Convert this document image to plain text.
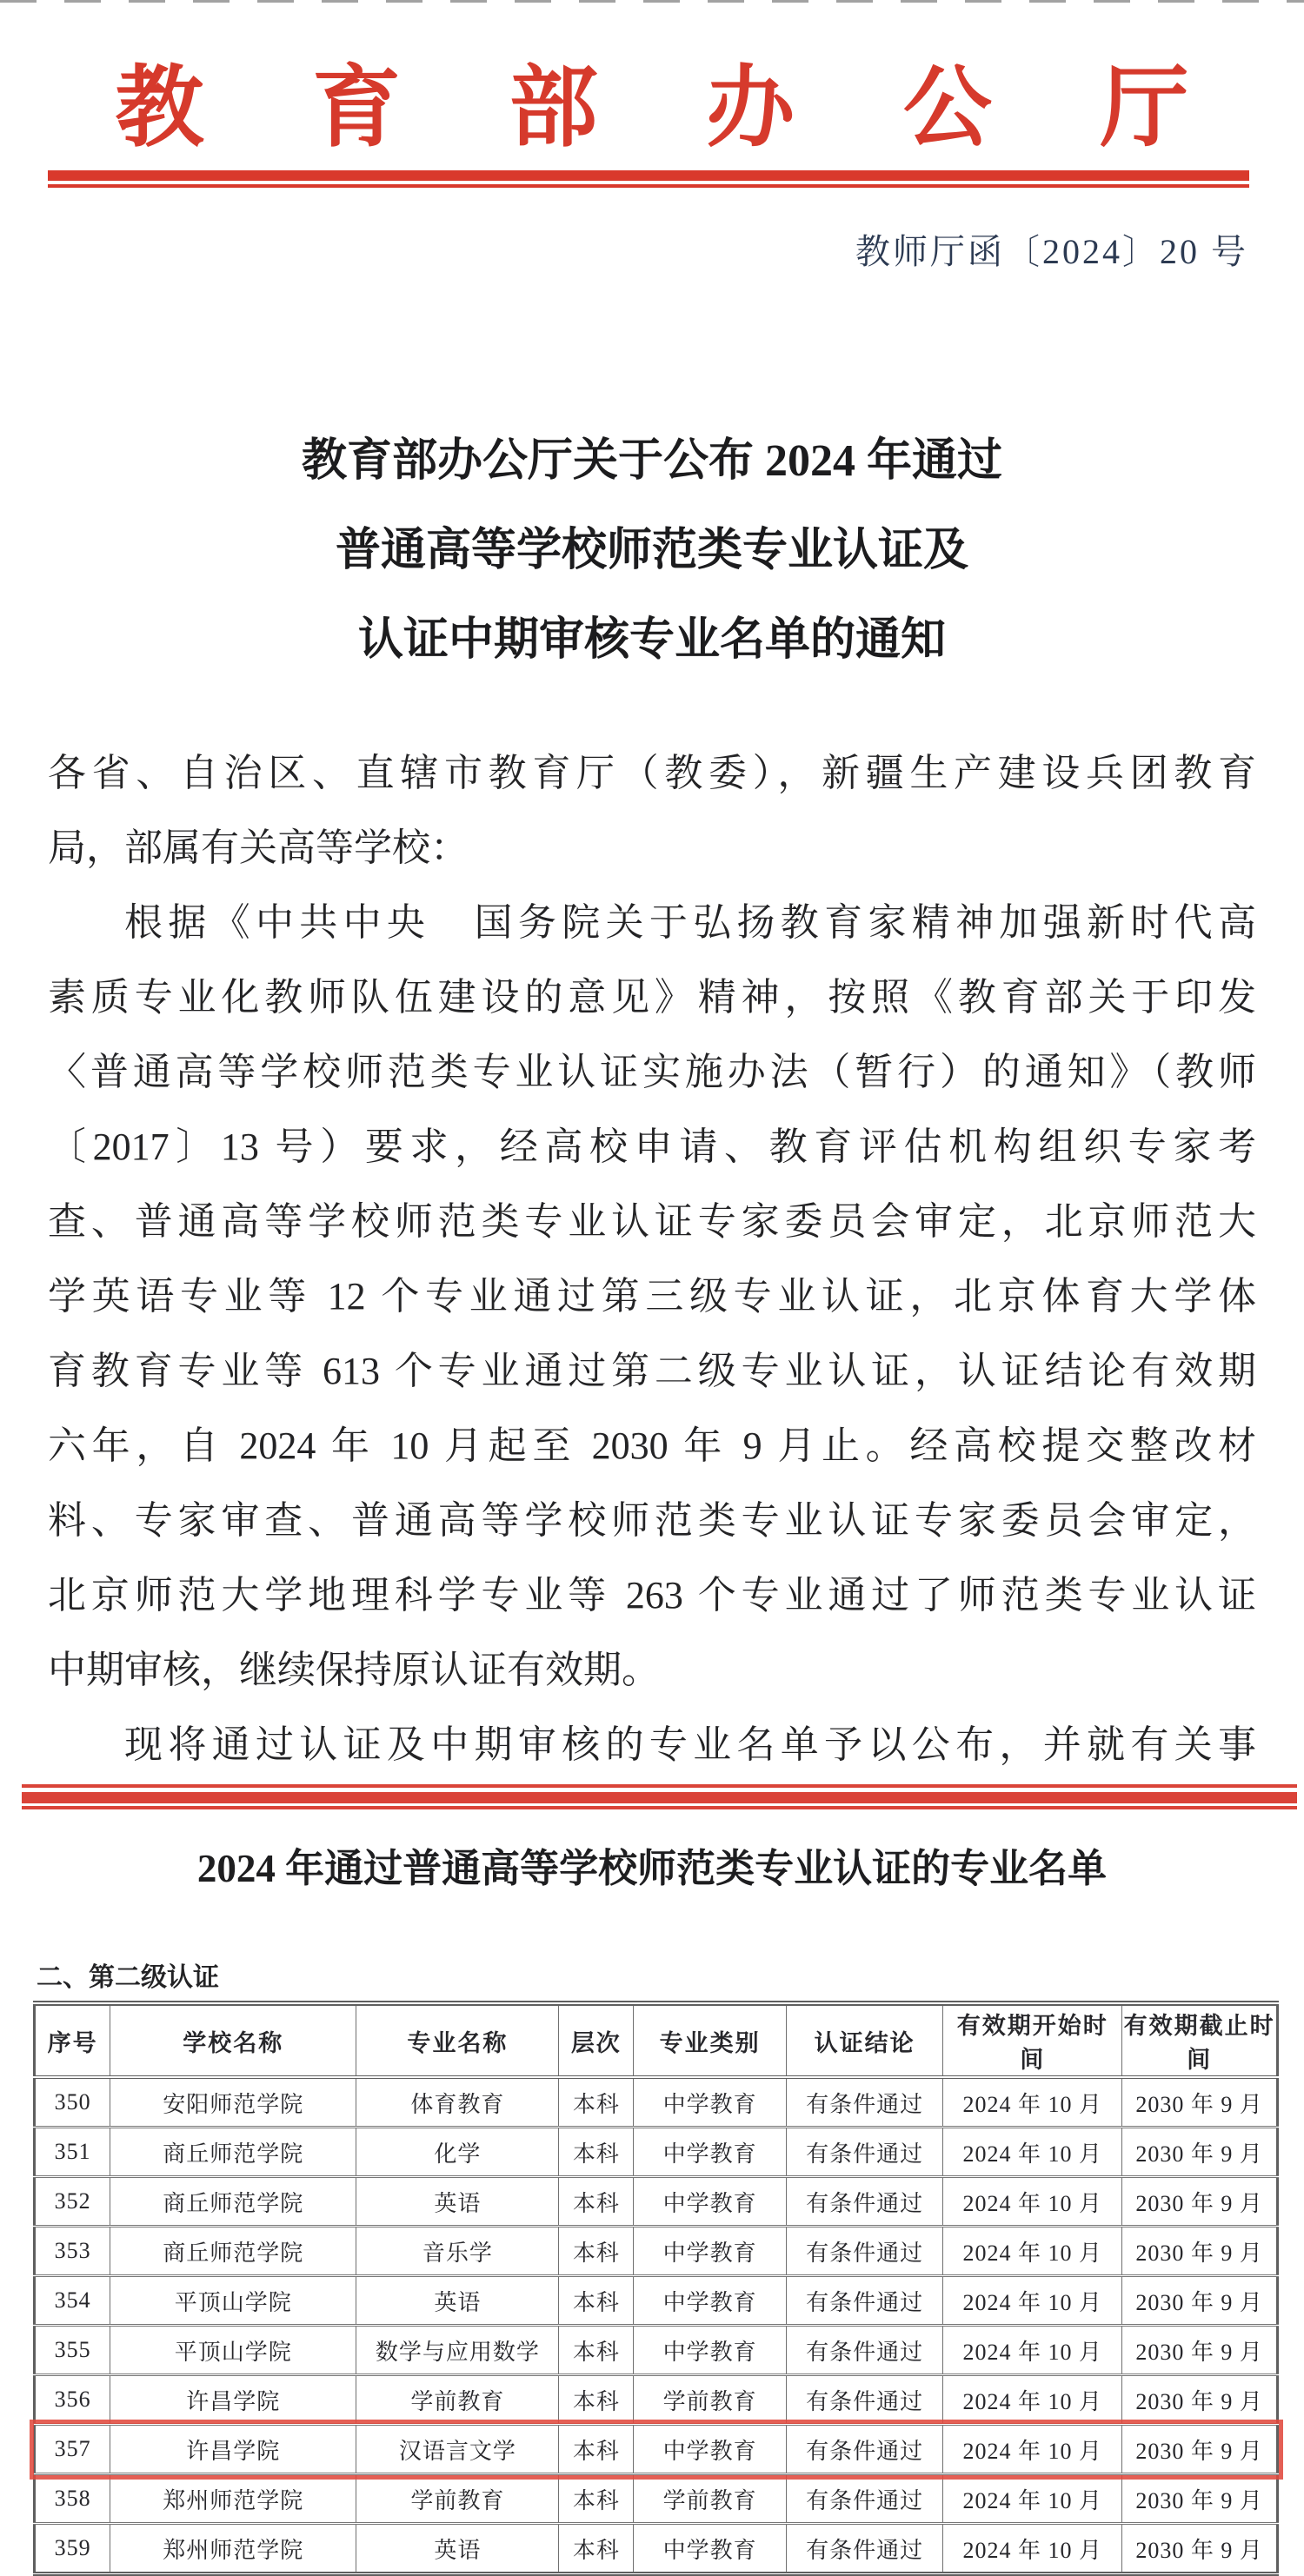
教 育 部 办 公 厅
教师厅函〔2024〕20 号
教育部办公厅关于公布 2024 年通过
普通高等学校师范类专业认证及
认证中期审核专业名单的通知
各省、自治区、直辖市教育厅（教委），新疆生产建设兵团教育
局，部属有关高等学校：
根据《中共中央　国务院关于弘扬教育家精神加强新时代高
素质专业化教师队伍建设的意见》精神，按照《教育部关于印发
〈普通高等学校师范类专业认证实施办法（暂行）的通知》（教师
〔2017〕13 号）要求，经高校申请、教育评估机构组织专家考
查、普通高等学校师范类专业认证专家委员会审定，北京师范大
学英语专业等 12 个专业通过第三级专业认证，北京体育大学体
育教育专业等 613 个专业通过第二级专业认证，认证结论有效期
六年，自 2024 年 10 月起至 2030 年 9 月止。经高校提交整改材
料、专家审查、普通高等学校师范类专业认证专家委员会审定，
北京师范大学地理科学专业等 263 个专业通过了师范类专业认证
中期审核，继续保持原认证有效期。
现将通过认证及中期审核的专业名单予以公布，并就有关事
2024 年通过普通高等学校师范类专业认证的专业名单
二、第二级认证
序号	学校名称	专业名称	层次	专业类别	认证结论	有效期开始时间	有效期截止时间
350	安阳师范学院	体育教育	本科	中学教育	有条件通过	2024 年 10 月	2030 年 9 月
351	商丘师范学院	化学	本科	中学教育	有条件通过	2024 年 10 月	2030 年 9 月
352	商丘师范学院	英语	本科	中学教育	有条件通过	2024 年 10 月	2030 年 9 月
353	商丘师范学院	音乐学	本科	中学教育	有条件通过	2024 年 10 月	2030 年 9 月
354	平顶山学院	英语	本科	中学教育	有条件通过	2024 年 10 月	2030 年 9 月
355	平顶山学院	数学与应用数学	本科	中学教育	有条件通过	2024 年 10 月	2030 年 9 月
356	许昌学院	学前教育	本科	学前教育	有条件通过	2024 年 10 月	2030 年 9 月
357	许昌学院	汉语言文学	本科	中学教育	有条件通过	2024 年 10 月	2030 年 9 月
358	郑州师范学院	学前教育	本科	学前教育	有条件通过	2024 年 10 月	2030 年 9 月
359	郑州师范学院	英语	本科	中学教育	有条件通过	2024 年 10 月	2030 年 9 月
